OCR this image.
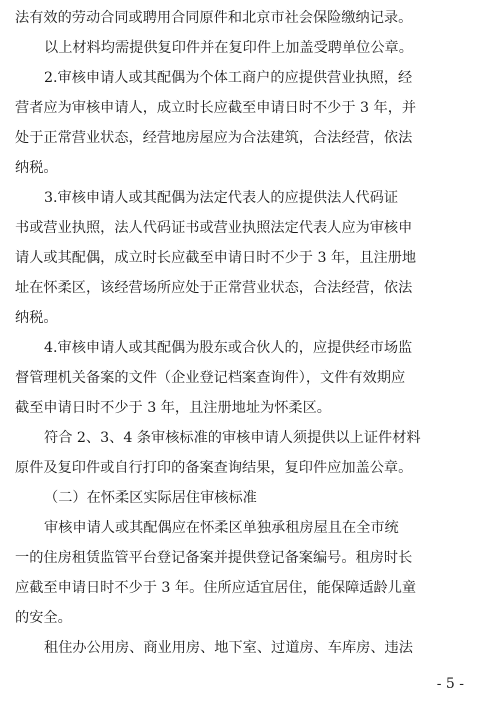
法有效的劳动合同或聘用合同原件和北京市社会保险缴纳记录。
以上材料均需提供复印件并在复印件上加盖受聘单位公章。
2.审核申请人或其配偶为个体工商户的应提供营业执照，经
营者应为审核申请人，成立时长应截至申请日时不少于 3 年，并
处于正常营业状态，经营地房屋应为合法建筑，合法经营，依法
纳税。
3.审核申请人或其配偶为法定代表人的应提供法人代码证
书或营业执照，法人代码证书或营业执照法定代表人应为审核申
请人或其配偶，成立时长应截至申请日时不少于 3 年，且注册地
址在怀柔区，该经营场所应处于正常营业状态，合法经营，依法
纳税。
4.审核申请人或其配偶为股东或合伙人的，应提供经市场监
督管理机关备案的文件（企业登记档案查询件），文件有效期应
截至申请日时不少于 3 年，且注册地址为怀柔区。
符合 2、3、4 条审核标准的审核申请人须提供以上证件材料
原件及复印件或自行打印的备案查询结果，复印件应加盖公章。
（二）在怀柔区实际居住审核标准
审核申请人或其配偶应在怀柔区单独承租房屋且在全市统
一的住房租赁监管平台登记备案并提供登记备案编号。租房时长
应截至申请日时不少于 3 年。住所应适宜居住，能保障适龄儿童
的安全。
租住办公用房、商业用房、地下室、过道房、车库房、违法
- 5 -
